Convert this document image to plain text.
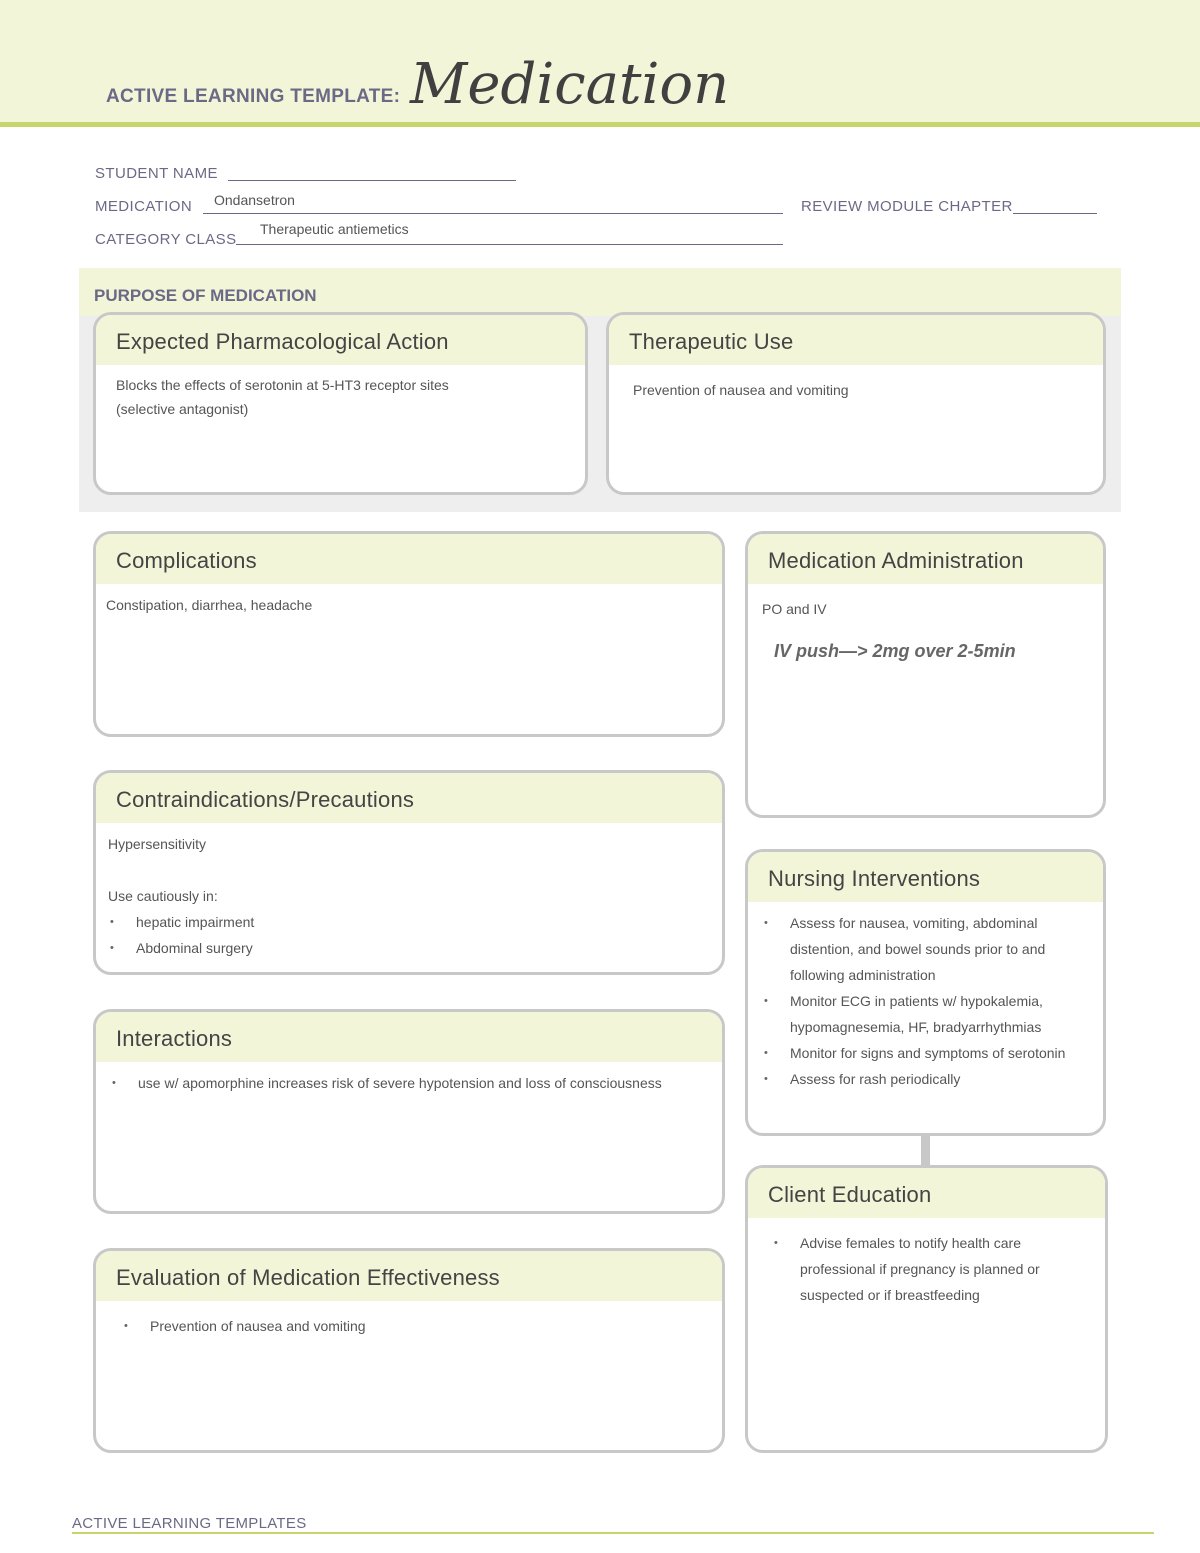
ACTIVE LEARNING TEMPLATE: Medication
STUDENT NAME
MEDICATION Ondansetron	REVIEW MODULE CHAPTER
CATEGORY CLASS
Therapeutic antiemetics
PURPOSE OF MEDICATION
Expected Pharmacological Action

Blocks the effects of serotonin at 5-HT3 receptor sites

(selective antagonist)

Therapeutic Use

Prevention of nausea and vomiting

Complications

Constipation, diarrhea, headache

Medication Administration

PO and IV

IV push—> 2mg over 2-5min
Contraindications/Precautions

Hypersensitivity

Use cautiously in:

• hepatic impairment
• Abdominal surgery
Nursing Interventions
• Assess for nausea, vomiting, abdominal distention, and bowel sounds prior to and following administration
• Monitor ECG in patients w/ hypokalemia, hypomagnesemia, HF, bradyarrhythmias
• Monitor for signs and symptoms of serotonin
• Assess for rash periodically
Interactions
• use w/ apomorphine increases risk of severe hypotension and loss of consciousness
Client Education
• Advise females to notify health care professional if pregnancy is planned or suspected or if breastfeeding
Evaluation of Medication Effectiveness
• Prevention of nausea and vomiting
ACTIVE LEARNING TEMPLATES
